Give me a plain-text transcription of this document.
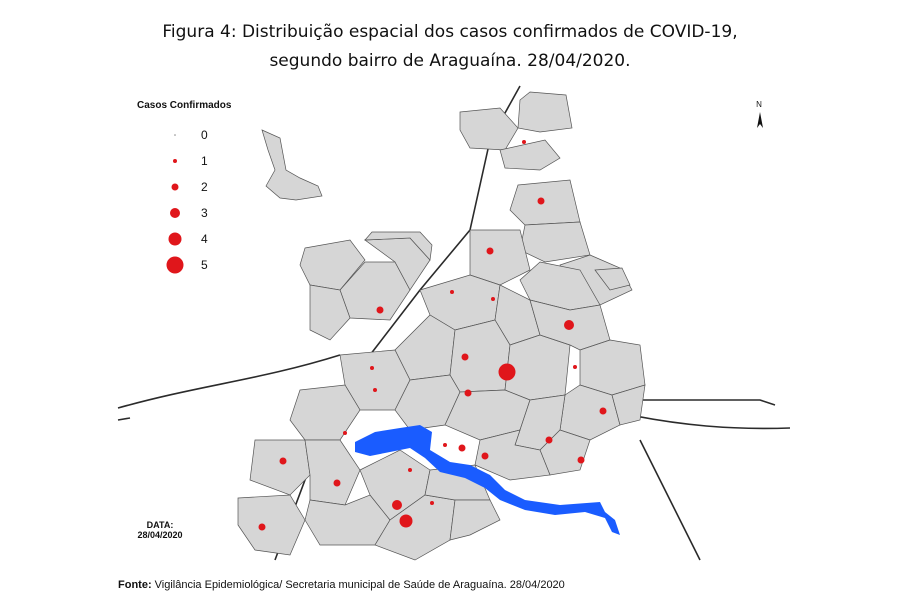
Figura 4: Distribuição espacial dos casos confirmados de COVID-19,
segundo bairro de Araguaína. 28/04/2020.
Casos Confirmados
0
1
2
3
4
5
N
DATA:
28/04/2020
Fonte: Vigilância Epidemiológica/ Secretaria municipal de Saúde de Araguaína. 28/04/2020
